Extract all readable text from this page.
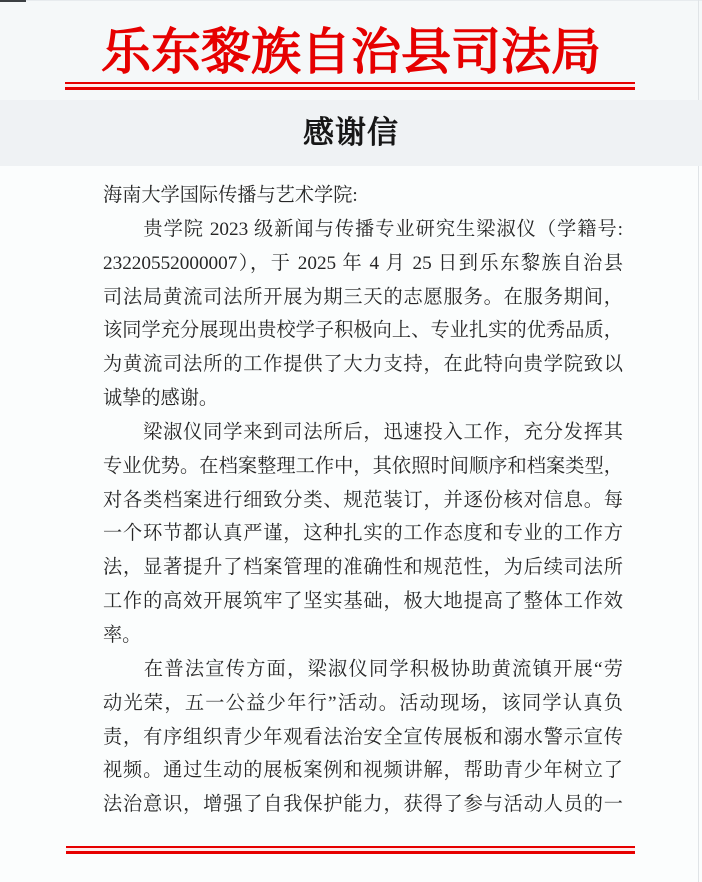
乐东黎族自治县司法局
感谢信
海南大学国际传播与艺术学院:
　　贵学院 2023 级新闻与传播专业研究生梁淑仪（学籍号:
23220552000007），于 2025 年 4 月 25 日到乐东黎族自治县
司法局黄流司法所开展为期三天的志愿服务。在服务期间，
该同学充分展现出贵校学子积极向上、专业扎实的优秀品质，
为黄流司法所的工作提供了大力支持，在此特向贵学院致以
诚挚的感谢。
　　梁淑仪同学来到司法所后，迅速投入工作，充分发挥其
专业优势。在档案整理工作中，其依照时间顺序和档案类型，
对各类档案进行细致分类、规范装订，并逐份核对信息。每
一个环节都认真严谨，这种扎实的工作态度和专业的工作方
法，显著提升了档案管理的准确性和规范性，为后续司法所
工作的高效开展筑牢了坚实基础，极大地提高了整体工作效
率。
　　在普法宣传方面，梁淑仪同学积极协助黄流镇开展“劳
动光荣，五一公益少年行”活动。活动现场，该同学认真负
责，有序组织青少年观看法治安全宣传展板和溺水警示宣传
视频。通过生动的展板案例和视频讲解，帮助青少年树立了
法治意识，增强了自我保护能力，获得了参与活动人员的一
